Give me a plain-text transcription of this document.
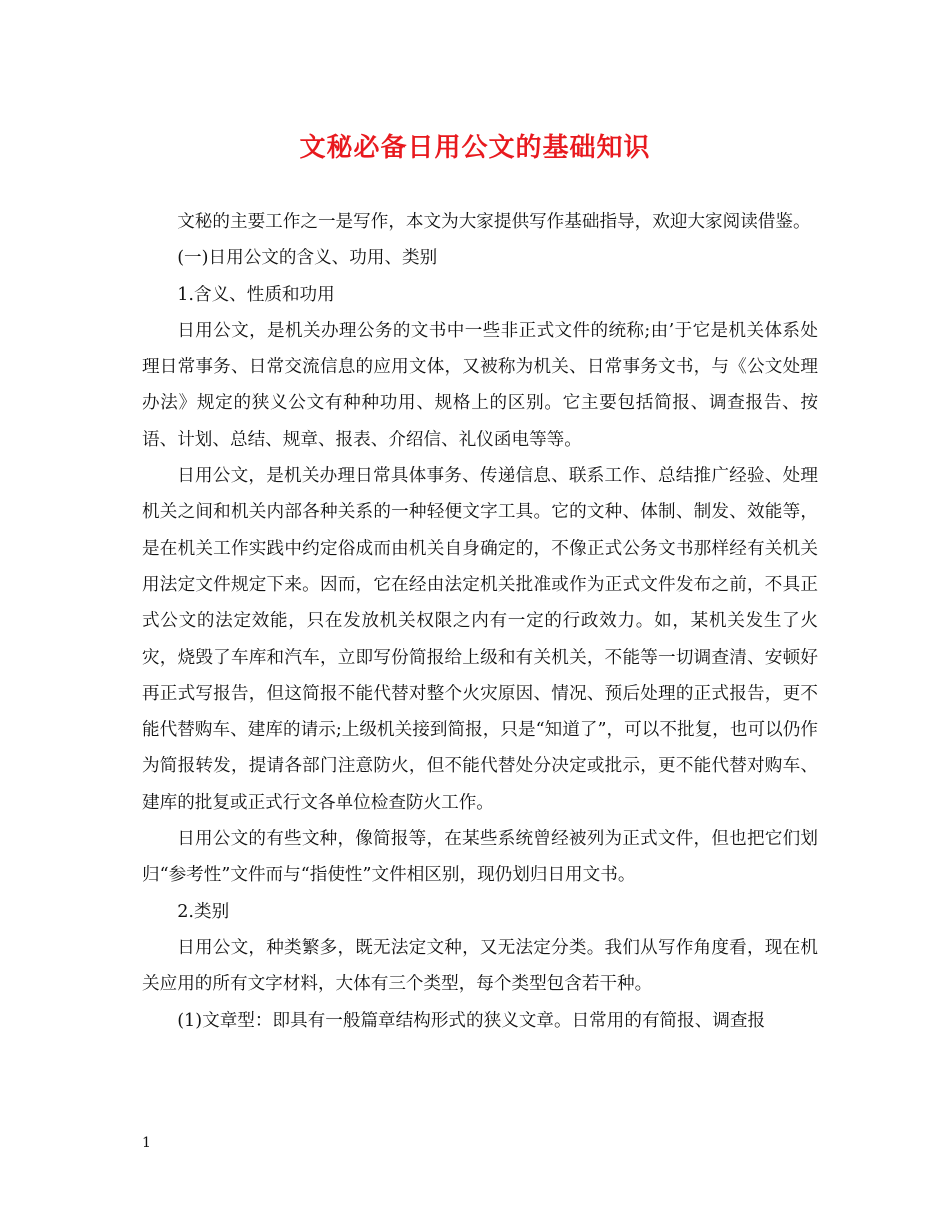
文秘必备日用公文的基础知识

文秘的主要工作之一是写作，本文为大家提供写作基础指导，欢迎大家阅读借鉴。

(一)日用公文的含义、功用、类别

1.含义、性质和功用

日用公文，是机关办理公务的文书中一些非正式文件的统称;由’于它是机关体系处理日常事务、日常交流信息的应用文体，又被称为机关、日常事务文书，与《公文处理办法》规定的狭义公文有种种功用、规格上的区别。它主要包括简报、调查报告、按语、计划、总结、规章、报表、介绍信、礼仪函电等等。

日用公文，是机关办理日常具体事务、传递信息、联系工作、总结推广经验、处理机关之间和机关内部各种关系的一种轻便文字工具。它的文种、体制、制发、效能等，是在机关工作实践中约定俗成而由机关自身确定的，不像正式公务文书那样经有关机关用法定文件规定下来。因而，它在经由法定机关批准或作为正式文件发布之前，不具正式公文的法定效能，只在发放机关权限之内有一定的行政效力。如，某机关发生了火灾，烧毁了车库和汽车，立即写份简报给上级和有关机关，不能等一切调查清、安顿好再正式写报告，但这简报不能代替对整个火灾原因、情况、预后处理的正式报告，更不能代替购车、建库的请示;上级机关接到简报，只是“知道了”，可以不批复，也可以仍作为简报转发，提请各部门注意防火，但不能代替处分决定或批示，更不能代替对购车、建库的批复或正式行文各单位检查防火工作。

日用公文的有些文种，像简报等，在某些系统曾经被列为正式文件，但也把它们划归“参考性”文件而与“指使性”文件相区别，现仍划归日用文书。

2.类别

日用公文，种类繁多，既无法定文种，又无法定分类。我们从写作角度看，现在机关应用的所有文字材料，大体有三个类型，每个类型包含若干种。

(1)文章型：即具有一般篇章结构形式的狭义文章。日常用的有简报、调查报

1
